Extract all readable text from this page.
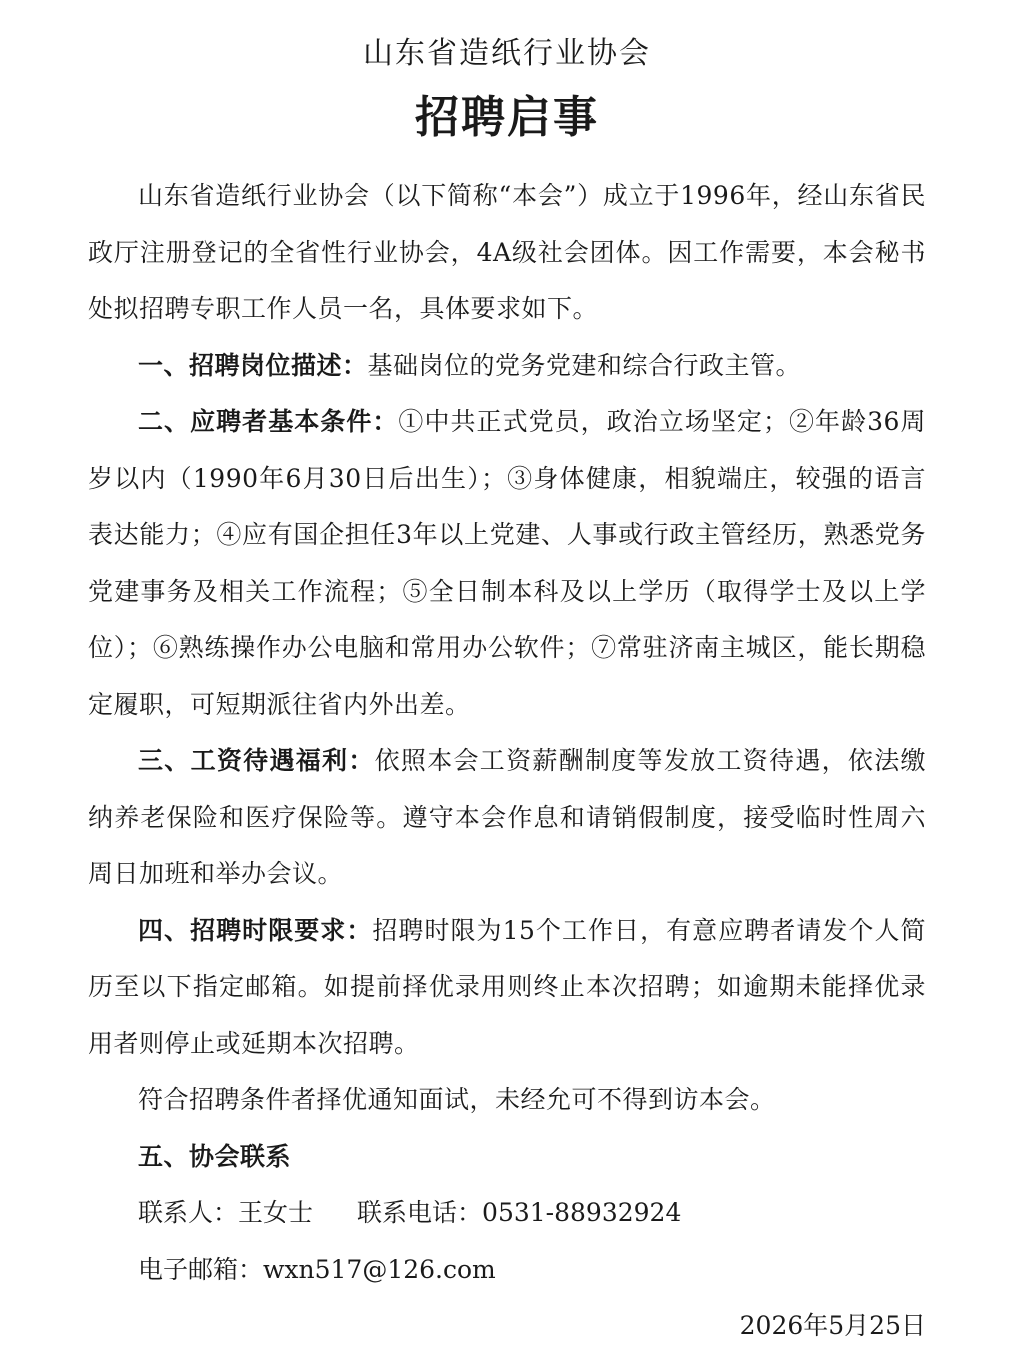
山东省造纸行业协会
招聘启事

山东省造纸行业协会（以下简称“本会”）成立于1996年，经山东省民政厅注册登记的全省性行业协会，4A级社会团体。因工作需要，本会秘书处拟招聘专职工作人员一名，具体要求如下。

一、招聘岗位描述：基础岗位的党务党建和综合行政主管。

二、应聘者基本条件：①中共正式党员，政治立场坚定；②年龄36周岁以内（1990年6月30日后出生）；③身体健康，相貌端庄，较强的语言表达能力；④应有国企担任3年以上党建、人事或行政主管经历，熟悉党务党建事务及相关工作流程；⑤全日制本科及以上学历（取得学士及以上学位）；⑥熟练操作办公电脑和常用办公软件；⑦常驻济南主城区，能长期稳定履职，可短期派往省内外出差。

三、工资待遇福利：依照本会工资薪酬制度等发放工资待遇，依法缴纳养老保险和医疗保险等。遵守本会作息和请销假制度，接受临时性周六周日加班和举办会议。

四、招聘时限要求：招聘时限为15个工作日，有意应聘者请发个人简历至以下指定邮箱。如提前择优录用则终止本次招聘；如逾期未能择优录用者则停止或延期本次招聘。

符合招聘条件者择优通知面试，未经允可不得到访本会。

五、协会联系

联系人：王女士 联系电话：0531-88932924

电子邮箱：wxn517@126.com

2026年5月25日
